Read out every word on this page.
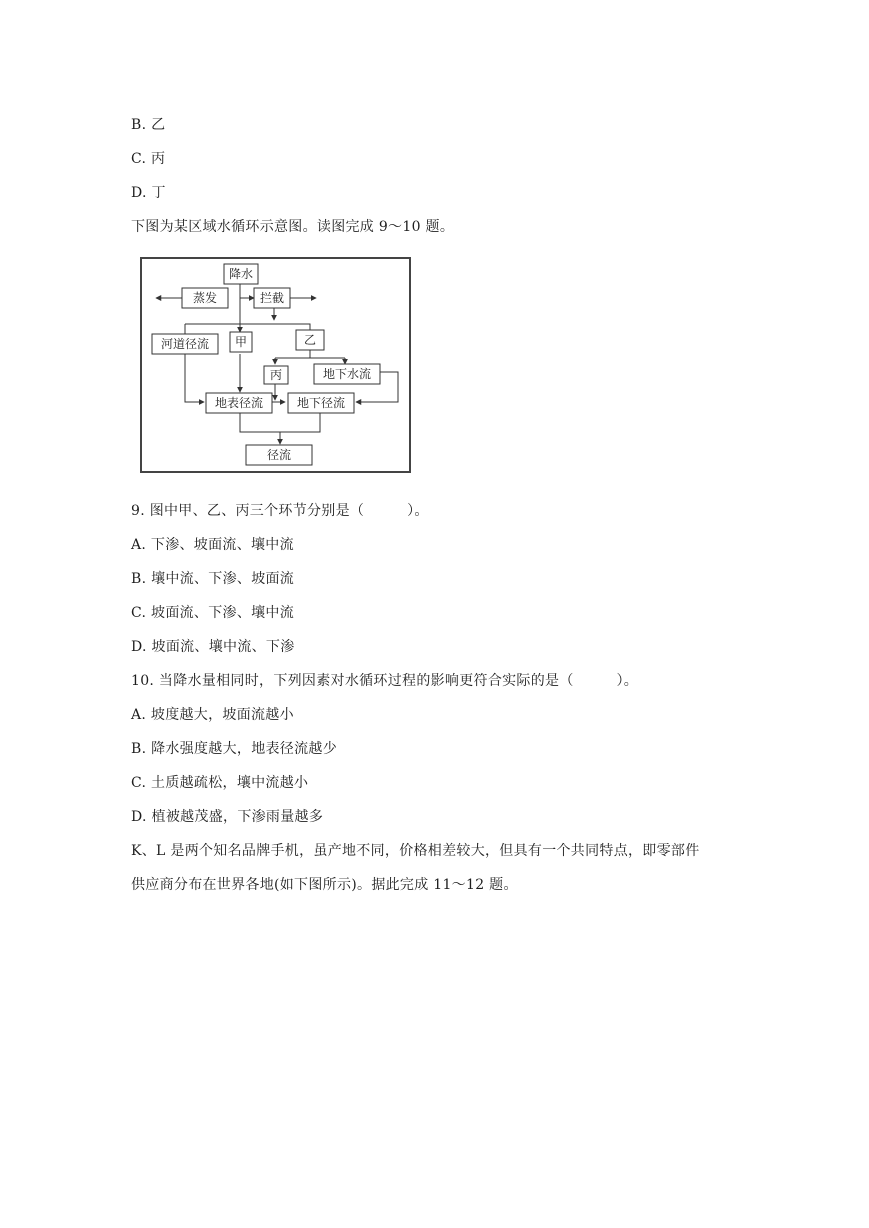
B. 乙
C. 丙
D. 丁
下图为某区域水循环示意图。读图完成 9～10 题。
降水
蒸发	拦截
河道径流 甲	乙
丙	地下水流
地表径流	地下径流
径流
9. 图中甲、乙、丙三个环节分别是（　　　）。
A. 下渗、坡面流、壤中流
B. 壤中流、下渗、坡面流
C. 坡面流、下渗、壤中流
D. 坡面流、壤中流、下渗
10. 当降水量相同时，下列因素对水循环过程的影响更符合实际的是（　　　）。
A. 坡度越大，坡面流越小
B. 降水强度越大，地表径流越少
C. 土质越疏松，壤中流越小
D. 植被越茂盛，下渗雨量越多
K、L 是两个知名品牌手机，虽产地不同，价格相差较大，但具有一个共同特点，即零部件
供应商分布在世界各地(如下图所示)。据此完成 11～12 题。
